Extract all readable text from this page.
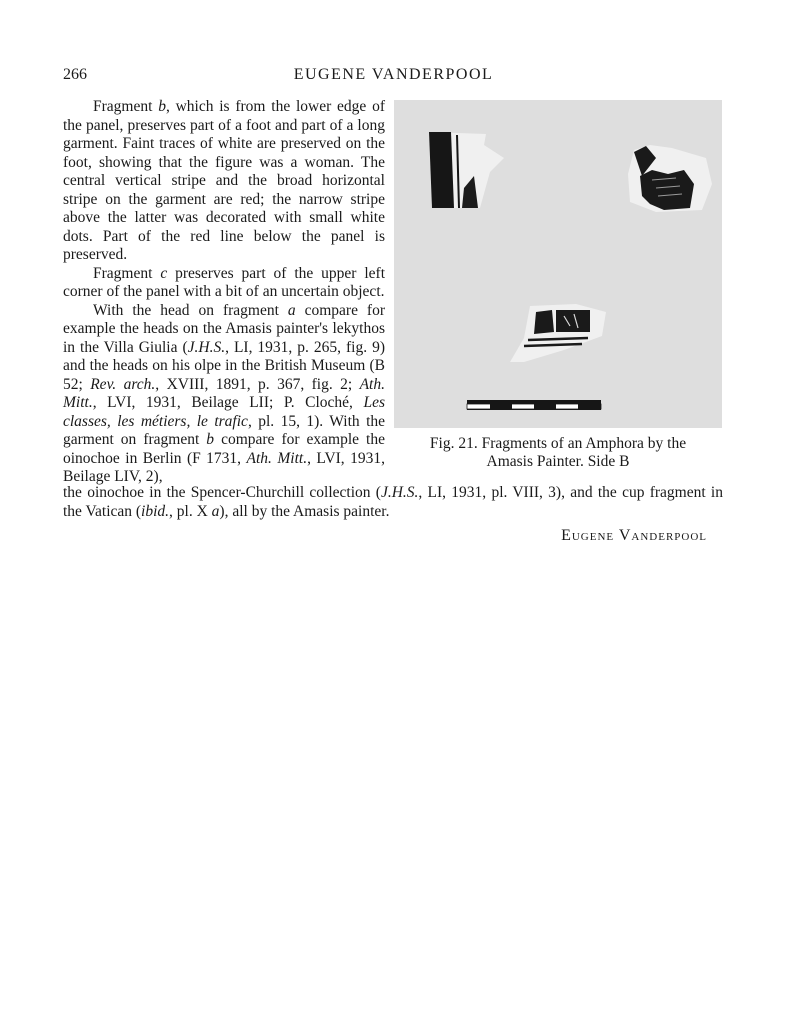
266	EUGENE VANDERPOOL

Fragment b, which is from the lower edge of the panel, preserves part of a foot and part of a long garment. Faint traces of white are preserved on the foot, showing that the figure was a woman. The central vertical stripe and the broad horizontal stripe on the garment are red; the narrow stripe above the latter was decorated with small white dots. Part of the red line below the panel is preserved.

Fragment c preserves part of the upper left corner of the panel with a bit of an uncertain object.

With the head on fragment a compare for example the heads on the Amasis painter's lekythos in the Villa Giulia (J.H.S., LI, 1931, p. 265, fig. 9) and the heads on his olpe in the British Museum (B 52; Rev. arch., XVIII, 1891, p. 367, fig. 2; Ath. Mitt., LVI, 1931, Beilage LII; P. Cloché, Les classes, les métiers, le trafic, pl. 15, 1). With the garment on fragment b compare for example the oinochoe in Berlin (F 1731, Ath. Mitt., LVI, 1931, Beilage LIV, 2),

Fig. 21. Fragments of an Amphora by the
Amasis Painter. Side B

the oinochoe in the Spencer-Churchill collection (J.H.S., LI, 1931, pl. VIII, 3), and the cup fragment in the Vatican (ibid., pl. X a), all by the Amasis painter.

Eugene Vanderpool
